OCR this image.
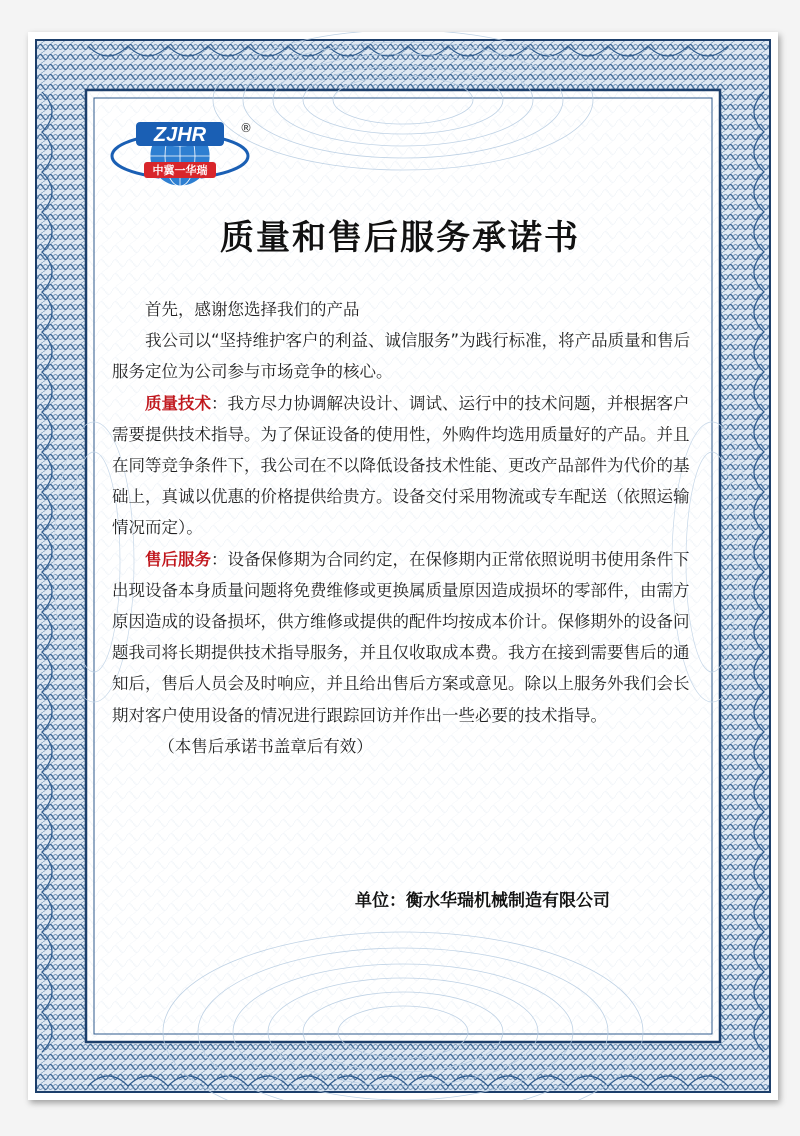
ZJHR
中冀一华瑞
®
质量和售后服务承诺书

首先，感谢您选择我们的产品

我公司以“坚持维护客户的利益、诚信服务”为践行标准，将产品质量和售后服务定位为公司参与市场竞争的核心。

质量技术：我方尽力协调解决设计、调试、运行中的技术问题，并根据客户需要提供技术指导。为了保证设备的使用性，外购件均选用质量好的产品。并且在同等竞争条件下，我公司在不以降低设备技术性能、更改产品部件为代价的基础上，真诚以优惠的价格提供给贵方。设备交付采用物流或专车配送（依照运输情况而定）。

售后服务：设备保修期为合同约定，在保修期内正常依照说明书使用条件下出现设备本身质量问题将免费维修或更换属质量原因造成损坏的零部件，由需方原因造成的设备损坏，供方维修或提供的配件均按成本价计。保修期外的设备问题我司将长期提供技术指导服务，并且仅收取成本费。我方在接到需要售后的通知后，售后人员会及时响应，并且给出售后方案或意见。除以上服务外我们会长期对客户使用设备的情况进行跟踪回访并作出一些必要的技术指导。

（本售后承诺书盖章后有效）

单位：衡水华瑞机械制造有限公司
